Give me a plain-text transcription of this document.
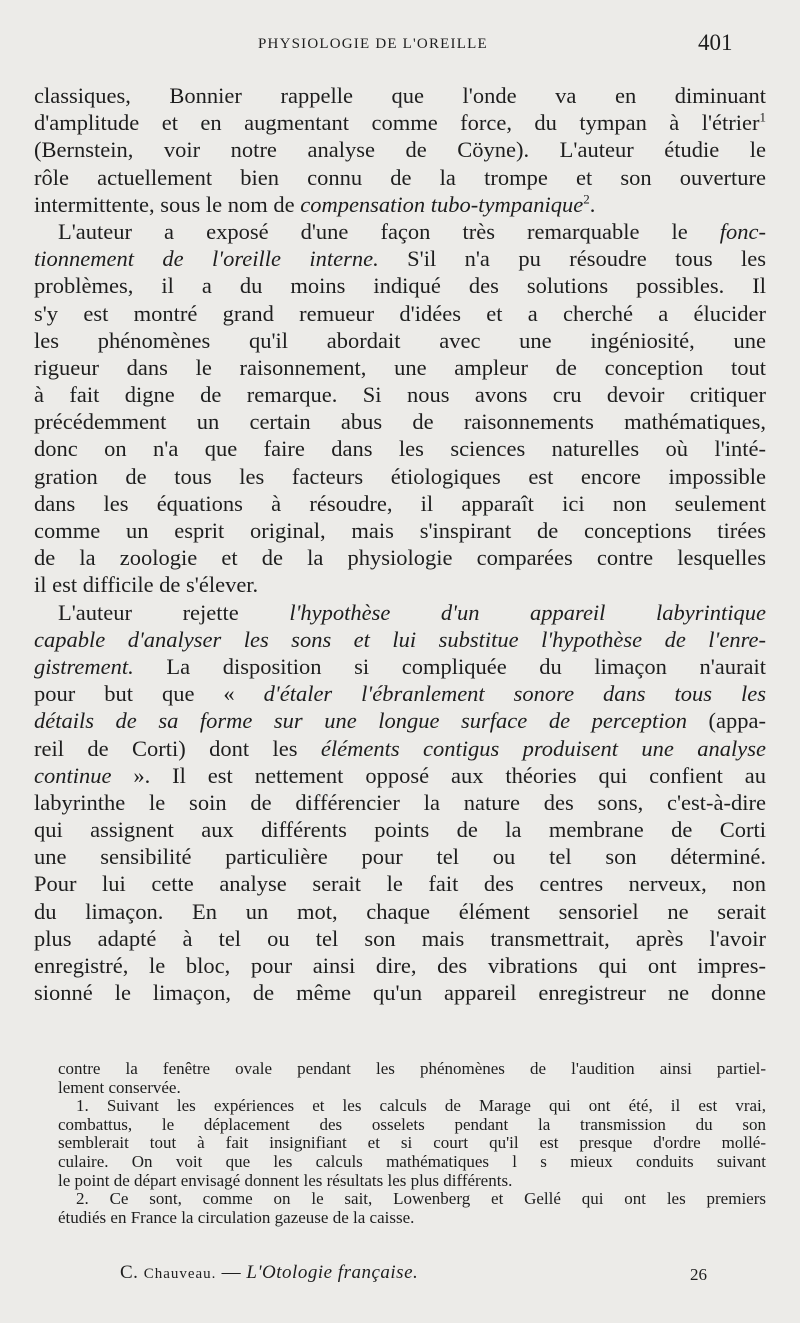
PHYSIOLOGIE DE L'OREILLE	401
classiques, Bonnier rappelle que l'onde va en diminuant
d'amplitude et en augmentant comme force, du tympan à l'étrier$^1$
(Bernstein, voir notre analyse de Cöyne). L'auteur étudie le
rôle actuellement bien connu de la trompe et son ouverture
intermittente, sous le nom de compensation tubo-tympanique$^2$.
L'auteur a exposé d'une façon très remarquable le fonc-
tionnement de l'oreille interne. S'il n'a pu résoudre tous les
problèmes, il a du moins indiqué des solutions possibles. Il
s'y est montré grand remueur d'idées et a cherché a élucider
les phénomènes qu'il abordait avec une ingéniosité, une
rigueur dans le raisonnement, une ampleur de conception tout
à fait digne de remarque. Si nous avons cru devoir critiquer
précédemment un certain abus de raisonnements mathématiques,
donc on n'a que faire dans les sciences naturelles où l'inté-
gration de tous les facteurs étiologiques est encore impossible
dans les équations à résoudre, il apparaît ici non seulement
comme un esprit original, mais s'inspirant de conceptions tirées
de la zoologie et de la physiologie comparées contre lesquelles
il est difficile de s'élever.
L'auteur rejette l'hypothèse d'un appareil labyrintique
capable d'analyser les sons et lui substitue l'hypothèse de l'enre-
gistrement. La disposition si compliquée du limaçon n'aurait
pour but que « d'étaler l'ébranlement sonore dans tous les
détails de sa forme sur une longue surface de perception (appa-
reil de Corti) dont les éléments contigus produisent une analyse
continue ». Il est nettement opposé aux théories qui confient au
labyrinthe le soin de différencier la nature des sons, c'est-à-dire
qui assignent aux différents points de la membrane de Corti
une sensibilité particulière pour tel ou tel son déterminé.
Pour lui cette analyse serait le fait des centres nerveux, non
du limaçon. En un mot, chaque élément sensoriel ne serait
plus adapté à tel ou tel son mais transmettrait, après l'avoir
enregistré, le bloc, pour ainsi dire, des vibrations qui ont impres-
sionné le limaçon, de même qu'un appareil enregistreur ne donne
contre la fenêtre ovale pendant les phénomènes de l'audition ainsi partiel-
lement conservée.
1. Suivant les expériences et les calculs de Marage qui ont été, il est vrai,
combattus, le déplacement des osselets pendant la transmission du son
semblerait tout à fait insignifiant et si court qu'il est presque d'ordre mollé-
culaire. On voit que les calculs mathématiques l s mieux conduits suivant
le point de départ envisagé donnent les résultats les plus différents.
2. Ce sont, comme on le sait, Lowenberg et Gellé qui ont les premiers
étudiés en France la circulation gazeuse de la caisse.
C. Chauveau. — L'Otologie française.	26
